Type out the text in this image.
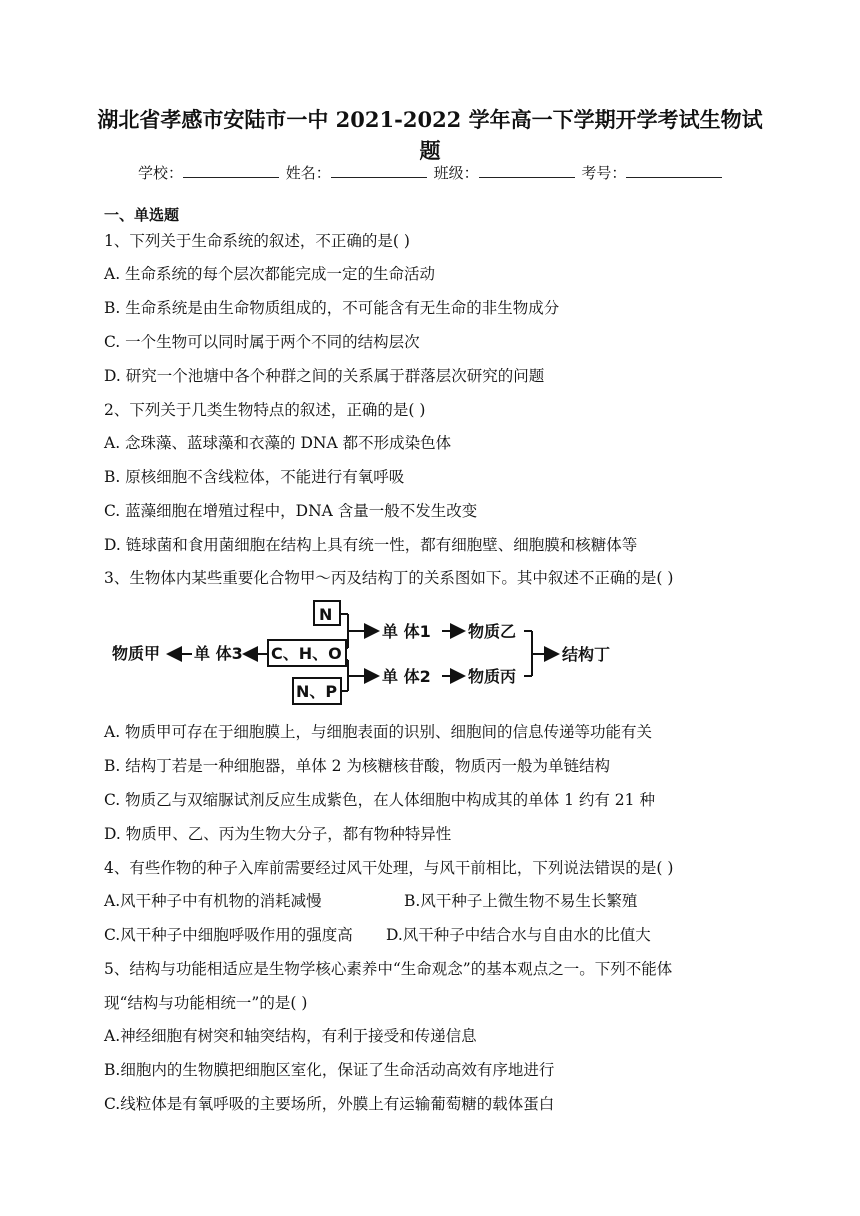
湖北省孝感市安陆市一中 2021-2022 学年高一下学期开学考试生物试
题
学校：	姓名：	班级：	考号：
一、单选题
1、下列关于生命系统的叙述，不正确的是( )
A. 生命系统的每个层次都能完成一定的生命活动
B. 生命系统是由生命物质组成的，不可能含有无生命的非生物成分
C. 一个生物可以同时属于两个不同的结构层次
D. 研究一个池塘中各个种群之间的关系属于群落层次研究的问题
2、下列关于几类生物特点的叙述，正确的是( )
A. 念珠藻、蓝球藻和衣藻的 DNA 都不形成染色体
B. 原核细胞不含线粒体，不能进行有氧呼吸
C. 蓝藻细胞在增殖过程中，DNA 含量一般不发生改变
D. 链球菌和食用菌细胞在结构上具有统一性，都有细胞壁、细胞膜和核糖体等
3、生物体内某些重要化合物甲～丙及结构丁的关系图如下。其中叙述不正确的是( )
N
C、H、O
N、P
物质甲 单 体3
单 体1 物质乙
单 体2 物质丙
结构丁
A. 物质甲可存在于细胞膜上，与细胞表面的识别、细胞间的信息传递等功能有关
B. 结构丁若是一种细胞器，单体 2 为核糖核苷酸，物质丙一般为单链结构
C. 物质乙与双缩脲试剂反应生成紫色，在人体细胞中构成其的单体 1 约有 21 种
D. 物质甲、乙、丙为生物大分子，都有物种特异性
4、有些作物的种子入库前需要经过风干处理，与风干前相比，下列说法错误的是( )
A.风干种子中有机物的消耗减慢	B.风干种子上微生物不易生长繁殖
C.风干种子中细胞呼吸作用的强度高 D.风干种子中结合水与自由水的比值大
5、结构与功能相适应是生物学核心素养中“生命观念”的基本观点之一。下列不能体
现“结构与功能相统一”的是( )
A.神经细胞有树突和轴突结构，有利于接受和传递信息
B.细胞内的生物膜把细胞区室化，保证了生命活动高效有序地进行
C.线粒体是有氧呼吸的主要场所，外膜上有运输葡萄糖的载体蛋白
